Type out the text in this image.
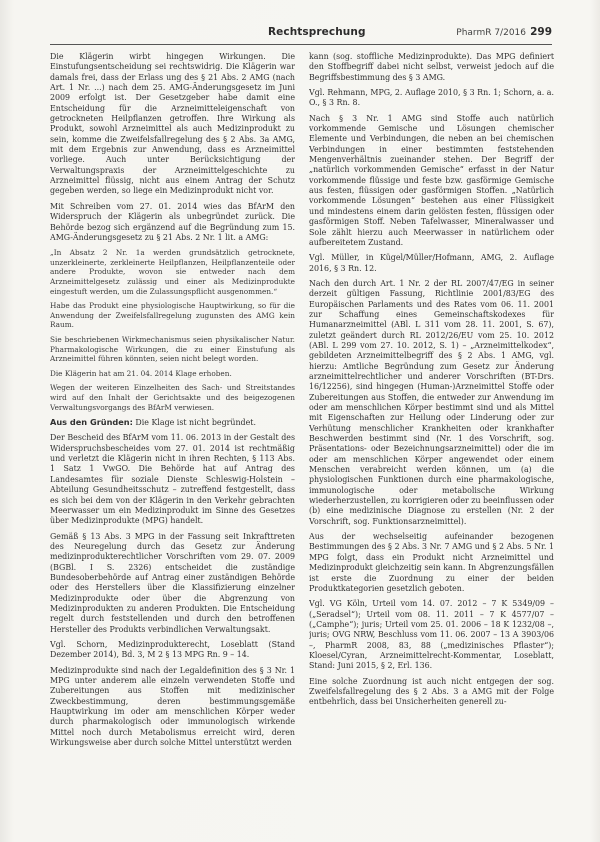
Rechtsprechung	PharmR 7/2016 299

Die Klägerin wirbt hingegen Wirkungen. Die Einstufungsentscheidung sei rechtswidrig. Die Klägerin war damals frei, dass der Erlass ung des § 21 Abs. 2 AMG (nach Art. 1 Nr. ...) nach dem 25. AMG-Änderungsgesetz im Juni 2009 erfolgt ist. Der Gesetzgeber habe damit eine Entscheidung für die Arzneimitteleigenschaft von getrockneten Heilpflanzen getroffen. Ihre Wirkung als Produkt, sowohl Arzneimittel als auch Medizinprodukt zu sein, komme die Zweifelsfallregelung des § 2 Abs. 3a AMG, mit dem Ergebnis zur Anwendung, dass es Arzneimittel vorliege. Auch unter Berücksichtigung der Verwaltungspraxis der Arzneimittelgeschichte zu Arzneimittel flüssig, nicht aus einem Antrag der Schutz gegeben werden, so liege ein Medizinprodukt nicht vor.

Mit Schreiben vom 27. 01. 2014 wies das BfArM den Widerspruch der Klägerin als unbegründet zurück. Die Behörde bezog sich ergänzend auf die Begründung zum 15. AMG-Änderungsgesetz zu § 21 Abs. 2 Nr. 1 lit. a AMG:

„In Absatz 2 Nr. 1a werden grundsätzlich getrocknete, unzerkleinerte, zerkleinerte Heilpflanzen, Heilpflanzenteile oder andere Produkte, wovon sie entweder nach dem Arzneimittelgesetz zulässig und einer als Medizinprodukte eingestuft werden, um die Zulassungspflicht ausgenommen.“

Habe das Produkt eine physiologische Hauptwirkung, so für die Anwendung der Zweifelsfallregelung zugunsten des AMG kein Raum.

Sie beschriebenen Wirkmechanismus seien physikalischer Natur. Pharmakologische Wirkungen, die zu einer Einstufung als Arzneimittel führen könnten, seien nicht belegt worden.

Die Klägerin hat am 21. 04. 2014 Klage erhoben.

Wegen der weiteren Einzelheiten des Sach- und Streitstandes wird auf den Inhalt der Gerichtsakte und des beigezogenen Verwaltungsvorgangs des BfArM verwiesen.

Aus den Gründen: Die Klage ist nicht begründet.

Der Bescheid des BfArM vom 11. 06. 2013 in der Gestalt des Widerspruchsbescheides vom 27. 01. 2014 ist rechtmäßig und verletzt die Klägerin nicht in ihren Rechten, § 113 Abs. 1 Satz 1 VwGO. Die Behörde hat auf Antrag des Landesamtes für soziale Dienste Schleswig-Holstein – Abteilung Gesundheitsschutz – zutreffend festgestellt, dass es sich bei dem von der Klägerin in den Verkehr gebrachten Meerwasser um ein Medizinprodukt im Sinne des Gesetzes über Medizinprodukte (MPG) handelt.

Gemäß § 13 Abs. 3 MPG in der Fassung seit Inkrafttreten des Neuregelung durch das Gesetz zur Änderung medizinprodukterechtlicher Vorschriften vom 29. 07. 2009 (BGBl. I S. 2326) entscheidet die zuständige Bundesoberbehörde auf Antrag einer zuständigen Behörde oder des Herstellers über die Klassifizierung einzelner Medizinprodukte oder über die Abgrenzung von Medizinprodukten zu anderen Produkten. Die Entscheidung regelt durch feststellenden und durch den betroffenen Hersteller des Produkts verbindlichen Verwaltungsakt.

Vgl. Schorn, Medizinprodukterecht, Loseblatt (Stand Dezember 2014), Bd. 3, M 2 § 13 MPG Rn. 9 – 14.

Medizinprodukte sind nach der Legaldefinition des § 3 Nr. 1 MPG unter anderem alle einzeln verwendeten Stoffe und Zubereitungen aus Stoffen mit medizinischer Zweckbestimmung, deren bestimmungsgemäße Hauptwirkung im oder am menschlichen Körper weder durch pharmakologisch oder immunologisch wirkende Mittel noch durch Metabolismus erreicht wird, deren Wirkungsweise aber durch solche Mittel unterstützt werden

kann (sog. stoffliche Medizinprodukte). Das MPG definiert den Stoffbegriff dabei nicht selbst, verweist jedoch auf die Begriffsbestimmung des § 3 AMG.

Vgl. Rehmann, MPG, 2. Auflage 2010, § 3 Rn. 1; Schorn, a. a. O., § 3 Rn. 8.

Nach § 3 Nr. 1 AMG sind Stoffe auch natürlich vorkommende Gemische und Lösungen chemischer Elemente und Verbindungen, die neben an bei chemischen Verbindungen in einer bestimmten feststehenden Mengenverhältnis zueinander stehen. Der Begriff der „natürlich vorkommenden Gemische“ erfasst in der Natur vorkommende flüssige und feste bzw. gasförmige Gemische aus festen, flüssigen oder gasförmigen Stoffen. „Natürlich vorkommende Lösungen“ bestehen aus einer Flüssigkeit und mindestens einem darin gelösten festen, flüssigen oder gasförmigen Stoff. Neben Tafelwasser, Mineralwasser und Sole zählt hierzu auch Meerwasser in natürlichem oder aufbereitetem Zustand.

Vgl. Müller, in Kügel/Müller/Hofmann, AMG, 2. Auflage 2016, § 3 Rn. 12.

Nach den durch Art. 1 Nr. 2 der RL 2007/47/EG in seiner derzeit gültigen Fassung, Richtlinie 2001/83/EG des Europäischen Parlaments und des Rates vom 06. 11. 2001 zur Schaffung eines Gemeinschaftskodexes für Humanarzneimittel (ABl. L 311 vom 28. 11. 2001, S. 67), zuletzt geändert durch RL 2012/26/EU vom 25. 10. 2012 (ABl. L 299 vom 27. 10. 2012, S. 1) – „Arzneimittelkodex“, gebildeten Arzneimittelbegriff des § 2 Abs. 1 AMG, vgl. hierzu: Amtliche Begründung zum Gesetz zur Änderung arzneimittelrechtlicher und anderer Vorschriften (BT-Drs. 16/12256), sind hingegen (Human-)Arzneimittel Stoffe oder Zubereitungen aus Stoffen, die entweder zur Anwendung im oder am menschlichen Körper bestimmt sind und als Mittel mit Eigenschaften zur Heilung oder Linderung oder zur Verhütung menschlicher Krankheiten oder krankhafter Beschwerden bestimmt sind (Nr. 1 des Vorschrift, sog. Präsentations- oder Bezeichnungsarzneimittel) oder die im oder am menschlichen Körper angewendet oder einem Menschen verabreicht werden können, um (a) die physiologischen Funktionen durch eine pharmakologische, immunologische oder metabolische Wirkung wiederherzustellen, zu korrigieren oder zu beeinflussen oder (b) eine medizinische Diagnose zu erstellen (Nr. 2 der Vorschrift, sog. Funktionsarzneimittel).

Aus der wechselseitig aufeinander bezogenen Bestimmungen des § 2 Abs. 3 Nr. 7 AMG und § 2 Abs. 5 Nr. 1 MPG folgt, dass ein Produkt nicht Arzneimittel und Medizinprodukt gleichzeitig sein kann. In Abgrenzungsfällen ist erste die Zuordnung zu einer der beiden Produktkategorien gesetzlich geboten.

Vgl. VG Köln, Urteil vom 14. 07. 2012 – 7 K 5349/09 – („Seradsel“); Urteil vom 08. 11. 2011 – 7 K 4577/07 – („Camphe“); juris; Urteil vom 25. 01. 2006 – 18 K 1232/08 –, juris; OVG NRW, Beschluss vom 11. 06. 2007 – 13 A 3903/06 –, PharmR 2008, 83, 88 („medizinisches Pflaster“); Kloesel/Cyran, Arzneimittelrecht-Kommentar, Loseblatt, Stand: Juni 2015, § 2, Erl. 136.

Eine solche Zuordnung ist auch nicht entgegen der sog. Zweifelsfallregelung des § 2 Abs. 3 a AMG mit der Folge entbehrlich, dass bei Unsicherheiten generell zu-
